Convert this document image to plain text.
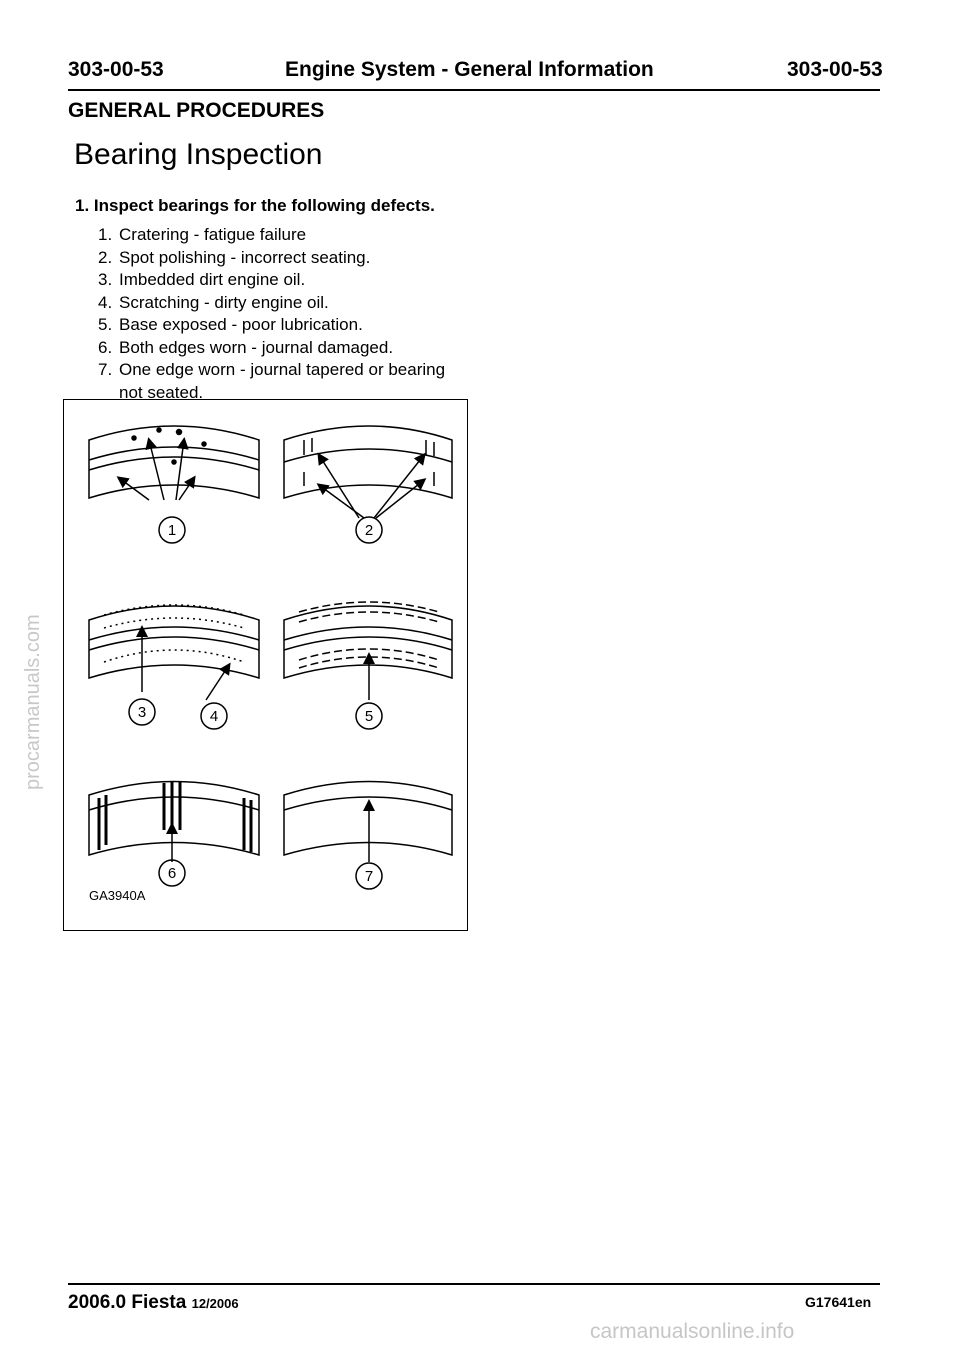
303-00-53	Engine System - General Information	303-00-53
GENERAL PROCEDURES
Bearing Inspection
1. Inspect bearings for the following defects.
1. Cratering - fatigue failure
2. Spot polishing - incorrect seating.
3. Imbedded dirt engine oil.
4. Scratching - dirty engine oil.
5. Base exposed - poor lubrication.
6. Both edges worn - journal damaged.
7. One edge worn - journal tapered or bearing not seated.
1	2
3	4	5
6	7
GA3940A
procarmanuals.com
2006.0 Fiesta 12/2006	G17641en
carmanualsonline.info
